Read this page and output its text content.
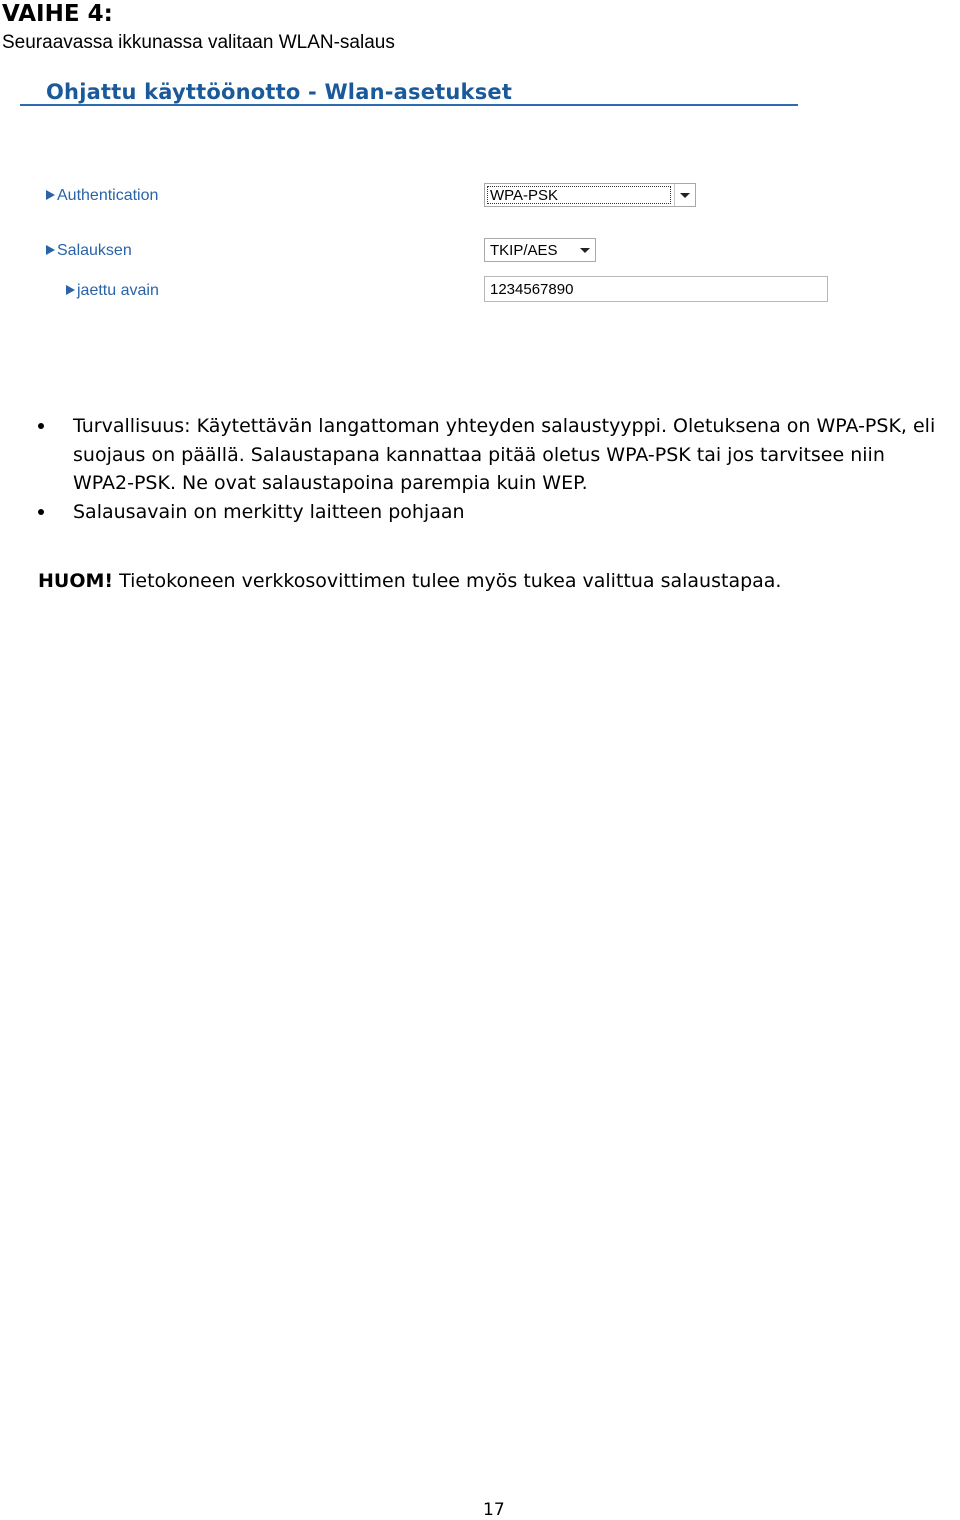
VAIHE 4:
Seuraavassa ikkunassa valitaan WLAN-salaus
Ohjattu käyttöönotto - Wlan-asetukset
Authentication	WPA-PSK
Salauksen	TKIP/AES
jaettu avain	1234567890
Turvallisuus: Käytettävän langattoman yhteyden salaustyyppi. Oletuksena on WPA-PSK, eli suojaus on päällä. Salaustapana kannattaa pitää oletus WPA-PSK tai jos tarvitsee niin WPA2-PSK. Ne ovat salaustapoina parempia kuin WEP.
Salausavain on merkitty laitteen pohjaan
HUOM! Tietokoneen verkkosovittimen tulee myös tukea valittua salaustapaa.
17
